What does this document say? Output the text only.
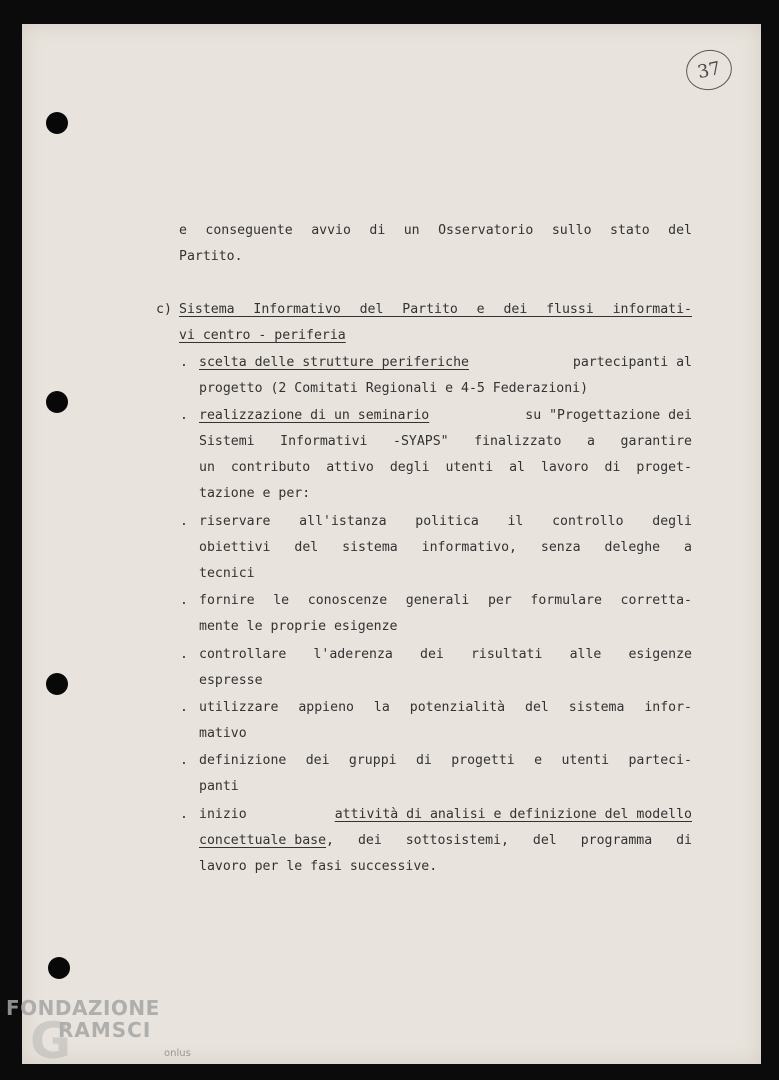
37
e conseguente avvio di un Osservatorio sullo stato del
Partito.
c) Sistema Informativo del Partito e dei flussi informati-
vi centro - periferia
. scelta delle strutture periferiche	partecipanti al
progetto (2 Comitati Regionali e 4-5 Federazioni)
. realizzazione di un seminario	su "Progettazione dei
Sistemi Informativi -SYAPS" finalizzato a garantire
un contributo attivo degli utenti al lavoro di proget-
tazione e per:
. riservare all'istanza politica il controllo degli
obiettivi del sistema informativo, senza deleghe a
tecnici
. fornire le conoscenze generali per formulare corretta-
mente le proprie esigenze
. controllare l'aderenza dei risultati alle esigenze
espresse
. utilizzare appieno la potenzialità del sistema infor-
mativo
. definizione dei gruppi di progetti e utenti parteci-
panti
. inizio	attività di analisi e definizione del modello
concettuale base , dei sottosistemi, del programma di
lavoro per le fasi successive.
FONDAZIONE
G
RAMSCI
onlus
